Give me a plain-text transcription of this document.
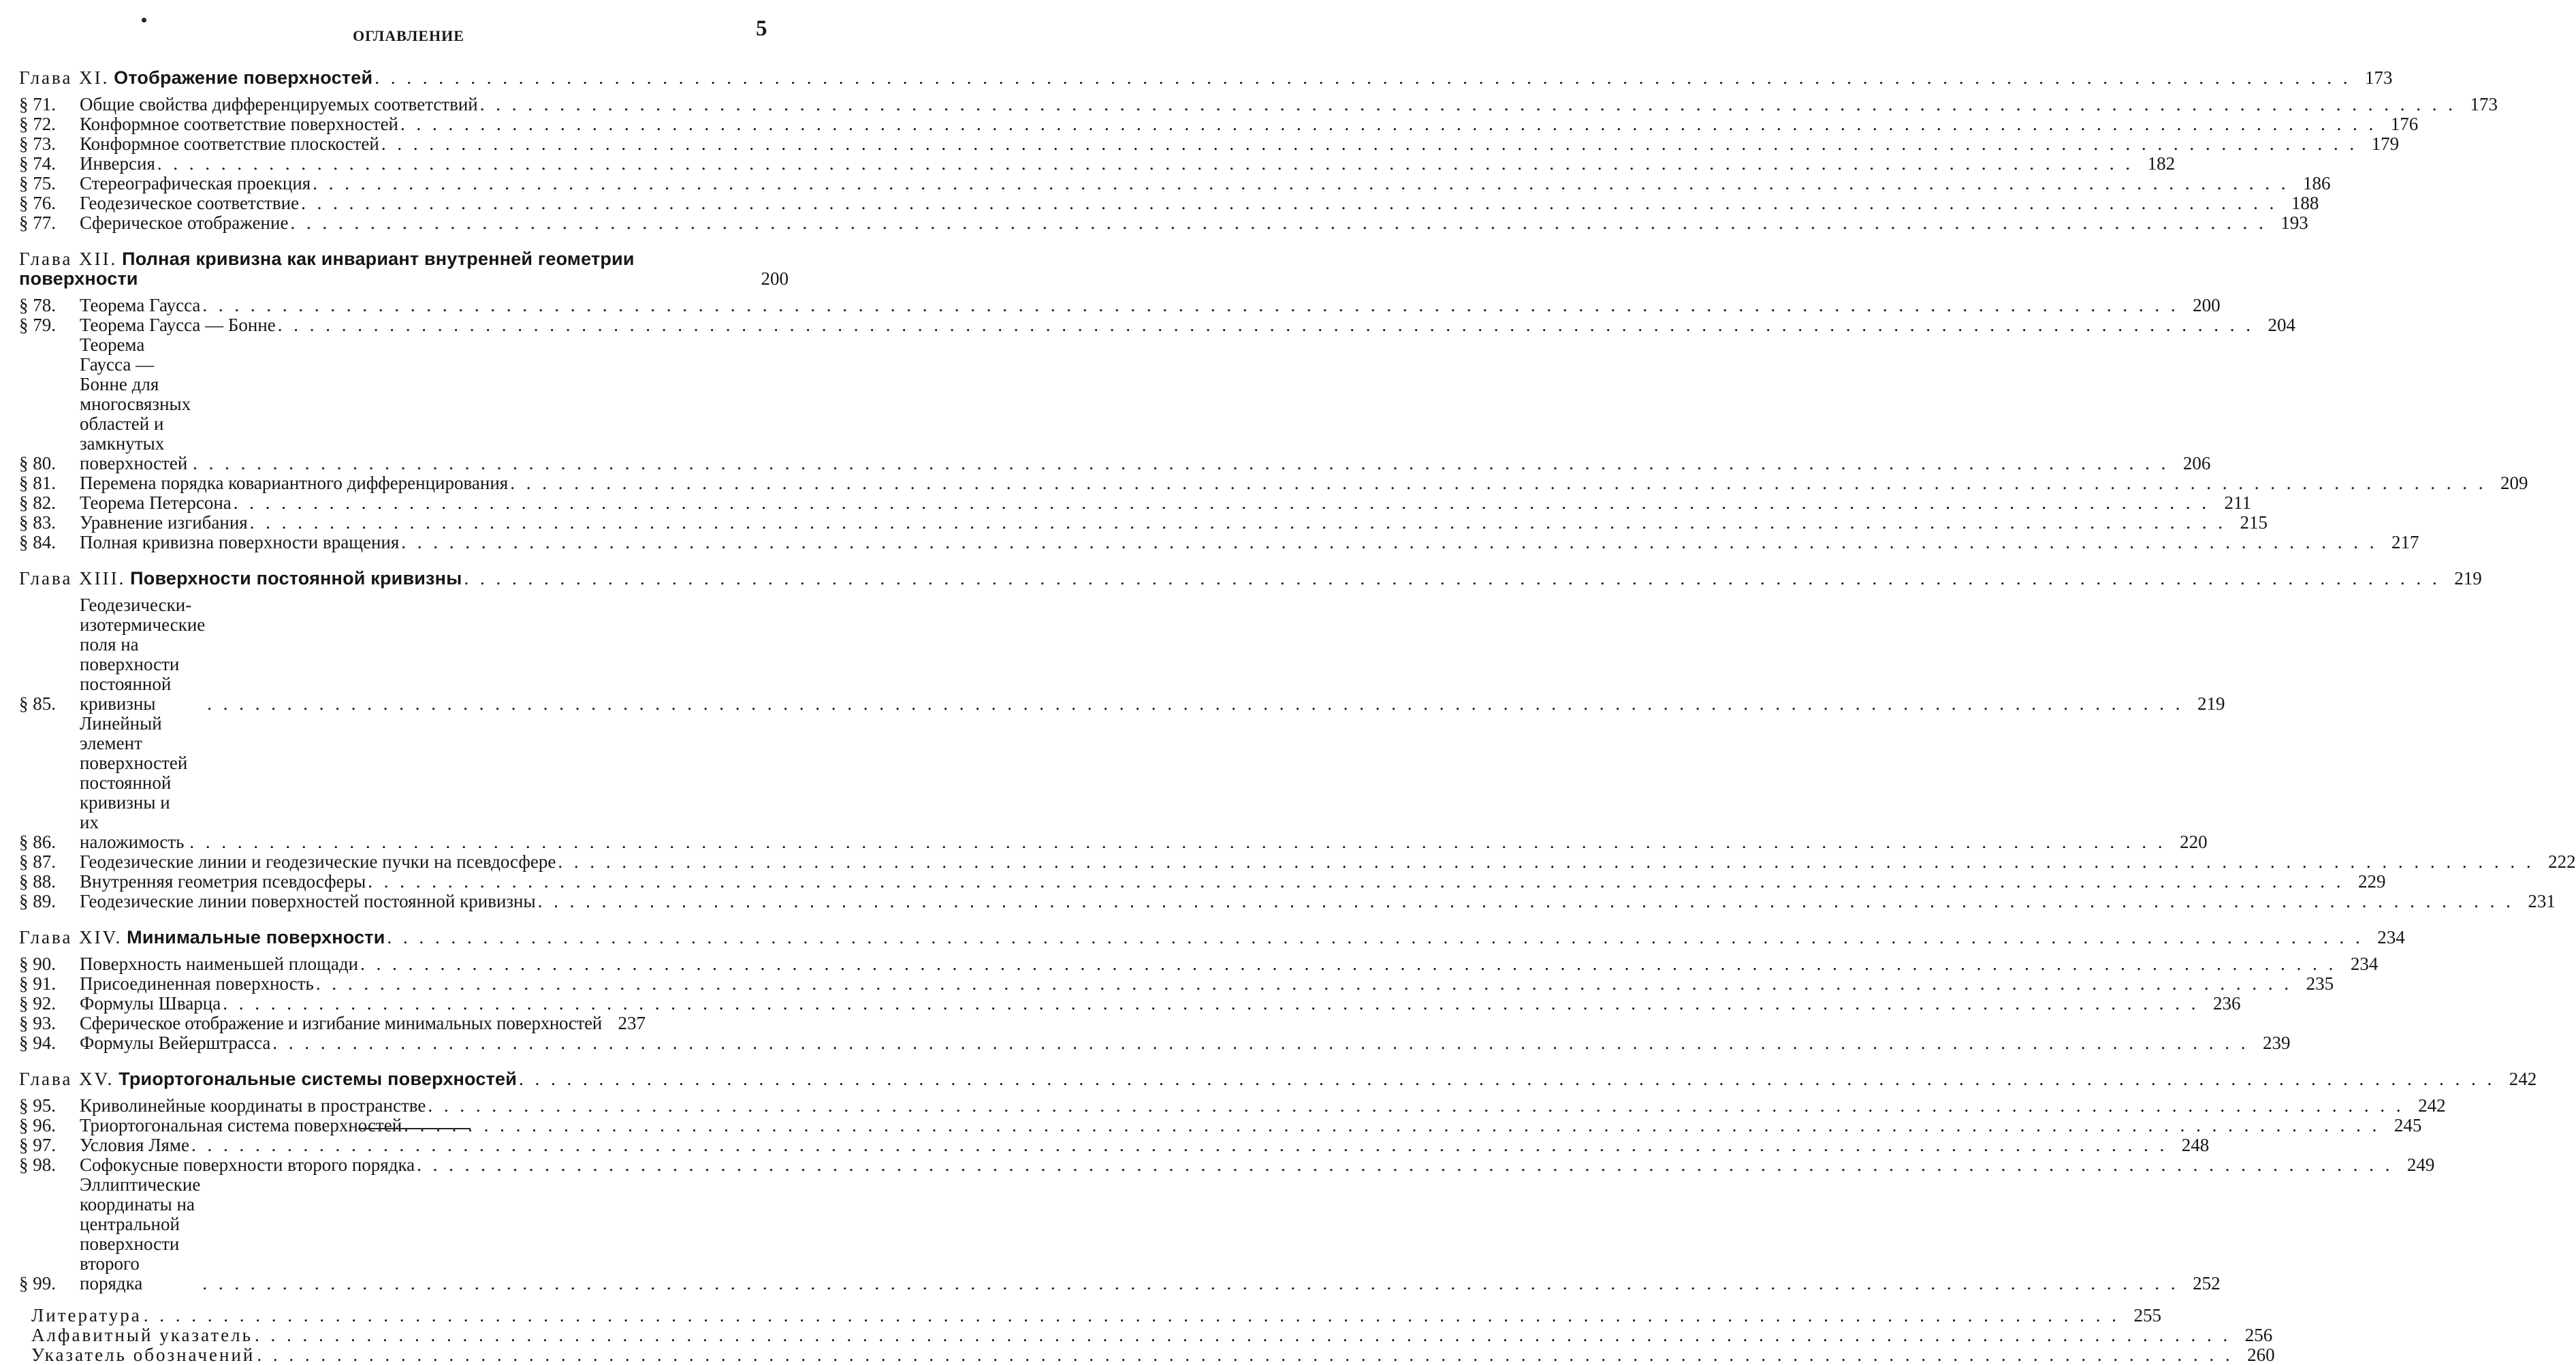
ОГЛАВЛЕНИЕ	5
Глава XI. Отображение поверхностей
. . .	173
§ 71.	Общие свойства дифференцируемых соответствий
. . .	173
§ 72.	Конформное соответствие поверхностей
. . .	176
§ 73.	Конформное соответствие плоскостей
. . .	179
§ 74.	Инверсия
. . .	182
§ 75.	Стереографическая проекция
. . .	186
§ 76.	Геодезическое соответствие
. . .	188
§ 77.	Сферическое отображение
. . .	193
Глава XII. Полная кривизна как инвариант внутренней геометрии поверхности	200
§ 78.	Теорема Гаусса
. . .	200
§ 79.	Теорема Гаусса — Бонне
. . .	204
§ 80.
Теорема Гаусса — Бонне для многосвязных областей и замкнутых поверхностей
. . .	206
§ 81.	Перемена порядка ковариантного дифференцирования
. . .	209
§ 82.	Теорема Петерсона
. . .	211
§ 83.	Уравнение изгибания
. . .	215
§ 84.	Полная кривизна поверхности вращения
. . .	217
Глава XIII. Поверхности постоянной кривизны
. . .	219
§ 85.
Геодезически-изотермические поля на поверхности постоянной кривизны
. . .	219
§ 86.
Линейный элемент поверхностей постоянной кривизны и их наложимость
. . .	220
§ 87.	Геодезические линии и геодезические пучки на псевдосфере
. . .	222
§ 88.	Внутренняя геометрия псевдосферы
. . .	229
§ 89.	Геодезические линии поверхностей постоянной кривизны
. . .	231
Глава XIV. Минимальные поверхности
. . .	234
§ 90.	Поверхность наименьшей площади
. . .	234
§ 91.	Присоединенная поверхность
. . .	235
§ 92.	Формулы Шварца
. . .	236
§ 93.	Сферическое отображение и изгибание минимальных поверхностей 237
§ 94.	Формулы Вейерштрасса
. . .	239
Глава XV. Триортогональные системы поверхностей
. . .	242
§ 95.	Криволинейные координаты в пространстве
. . .	242
§ 96.	Триортогональная система поверхностей
. . .	245
§ 97.	Условия Ляме
. . .	248
§ 98.	Софокусные поверхности второго порядка
. . .	249
§ 99.
Эллиптические координаты на центральной поверхности второго порядка
. . .	252
Литература
. . .	255
Алфавитный указатель
. . .	256
Указатель обозначений
. . .	260
